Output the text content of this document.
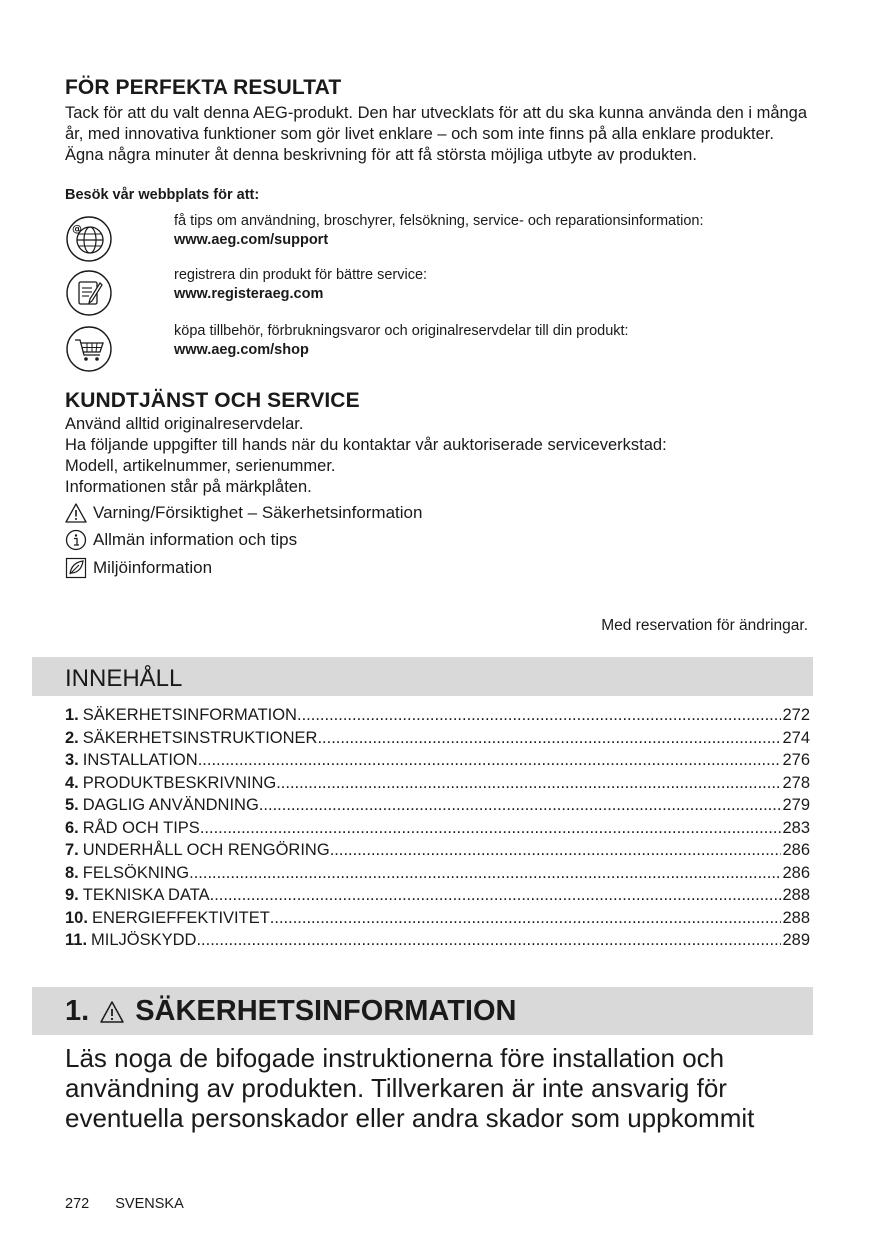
FÖR PERFEKTA RESULTAT
Tack för att du valt denna AEG-produkt. Den har utvecklats för att du ska kunna använda den i många år, med innovativa funktioner som gör livet enklare – och som inte finns på alla enklare produkter. Ägna några minuter åt denna beskrivning för att få största möjliga utbyte av produkten.
Besök vår webbplats för att:
@
få tips om användning, broschyrer, felsökning, service- och reparationsinformation:
www.aeg.com/support
registrera din produkt för bättre service:
www.registeraeg.com
köpa tillbehör, förbrukningsvaror och originalreservdelar till din produkt:
www.aeg.com/shop
KUNDTJÄNST OCH SERVICE
Använd alltid originalreservdelar.
Ha följande uppgifter till hands när du kontaktar vår auktoriserade serviceverkstad:
Modell, artikelnummer, serienummer.
Informationen står på märkplåten.
Varning/Försiktighet – Säkerhetsinformation
Allmän information och tips
Miljöinformation
Med reservation för ändringar.
INNEHÅLL
1. SÄKERHETSINFORMATION .....	272
2. SÄKERHETSINSTRUKTIONER .....	274
3. INSTALLATION .....	276
4. PRODUKTBESKRIVNING .....	278
5. DAGLIG ANVÄNDNING .....	279
6. RÅD OCH TIPS .....	283
7. UNDERHÅLL OCH RENGÖRING .....	286
8. FELSÖKNING .....	286
9. TEKNISKA DATA .....	288
10. ENERGIEFFEKTIVITET .....	288
11. MILJÖSKYDD .....	289
1. SÄKERHETSINFORMATION
Läs noga de bifogade instruktionerna före installation och användning av produkten. Tillverkaren är inte ansvarig för eventuella personskador eller andra skador som uppkommit
272 SVENSKA
